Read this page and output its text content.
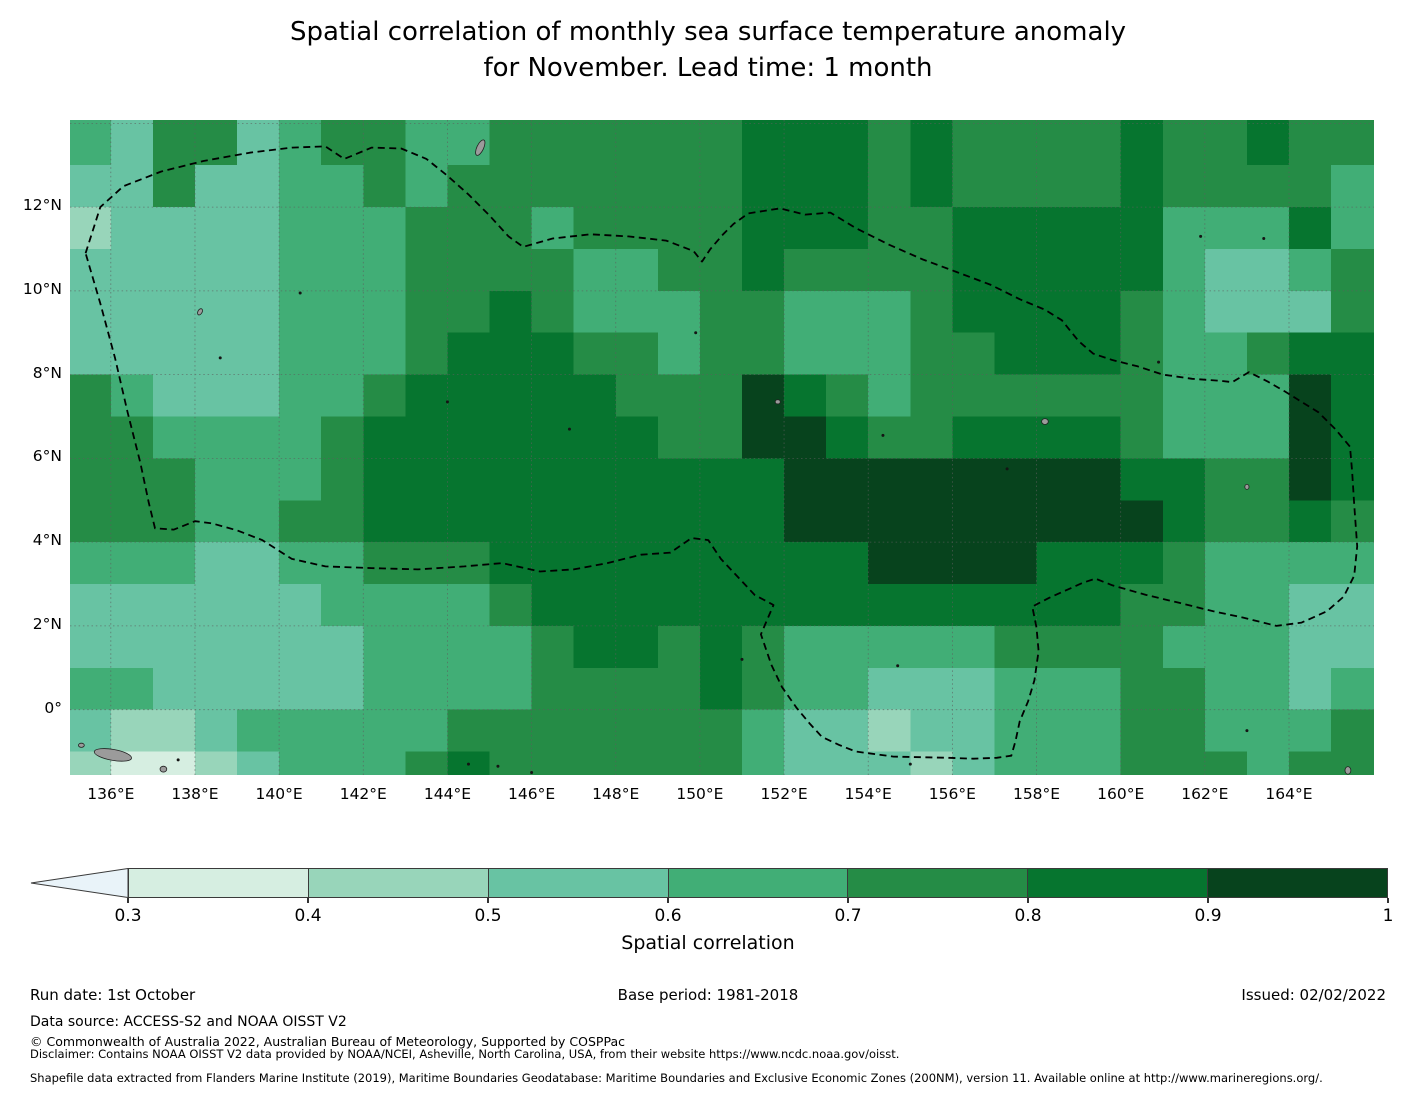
Spatial correlation of monthly sea surface temperature anomaly
for November. Lead time: 1 month
12°N
10°N
8°N
6°N
4°N
2°N
0°
136°E	138°E	140°E	142°E	144°E	146°E	148°E	150°E	152°E	154°E	156°E	158°E	160°E	162°E	164°E
0.3	0.4	0.5	0.6	0.7	0.8	0.9	1
Spatial correlation
Run date: 1st October	Base period: 1981-2018	Issued: 02/02/2022
Data source: ACCESS-S2 and NOAA OISST V2
© Commonwealth of Australia 2022, Australian Bureau of Meteorology, Supported by COSPPac
Disclaimer: Contains NOAA OISST V2 data provided by NOAA/NCEI, Asheville, North Carolina, USA, from their website https://www.ncdc.noaa.gov/oisst.
Shapefile data extracted from Flanders Marine Institute (2019), Maritime Boundaries Geodatabase: Maritime Boundaries and Exclusive Economic Zones (200NM), version 11. Available online at http://www.marineregions.org/.
